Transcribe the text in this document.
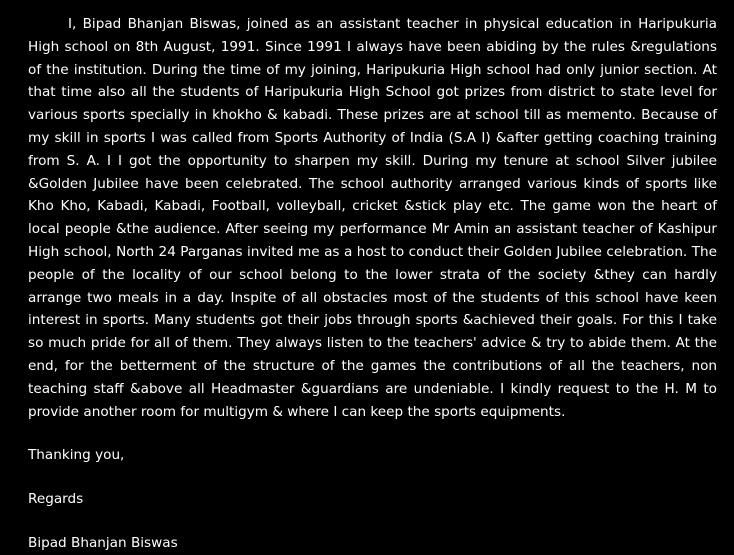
I, Bipad Bhanjan Biswas, joined as an assistant teacher in physical education in Haripukuria High school on 8th August, 1991. Since 1991 I always have been abiding by the rules &regulations of the institution. During the time of my joining, Haripukuria High school had only junior section. At that time also all the students of Haripukuria High School got prizes from district to state level for various sports specially in khokho & kabadi. These prizes are at school till as memento. Because of my skill in sports I was called from Sports Authority of India (S.A I) &after getting coaching training from S. A. I I got the opportunity to sharpen my skill. During my tenure at school Silver jubilee &Golden Jubilee have been celebrated. The school authority arranged various kinds of sports like Kho Kho, Kabadi, Kabadi, Football, volleyball, cricket &stick play etc. The game won the heart of local people &the audience. After seeing my performance Mr Amin an assistant teacher of Kashipur High school, North 24 Parganas invited me as a host to conduct their Golden Jubilee celebration. The people of the locality of our school belong to the lower strata of the society &they can hardly arrange two meals in a day. Inspite of all obstacles most of the students of this school have keen interest in sports. Many students got their jobs through sports &achieved their goals. For this I take so much pride for all of them. They always listen to the teachers' advice & try to abide them. At the end, for the betterment of the structure of the games the contributions of all the teachers, non teaching staff &above all Headmaster &guardians are undeniable. I kindly request to the H. M to provide another room for multigym & where I can keep the sports equipments.

Thanking you,

Regards

Bipad Bhanjan Biswas
